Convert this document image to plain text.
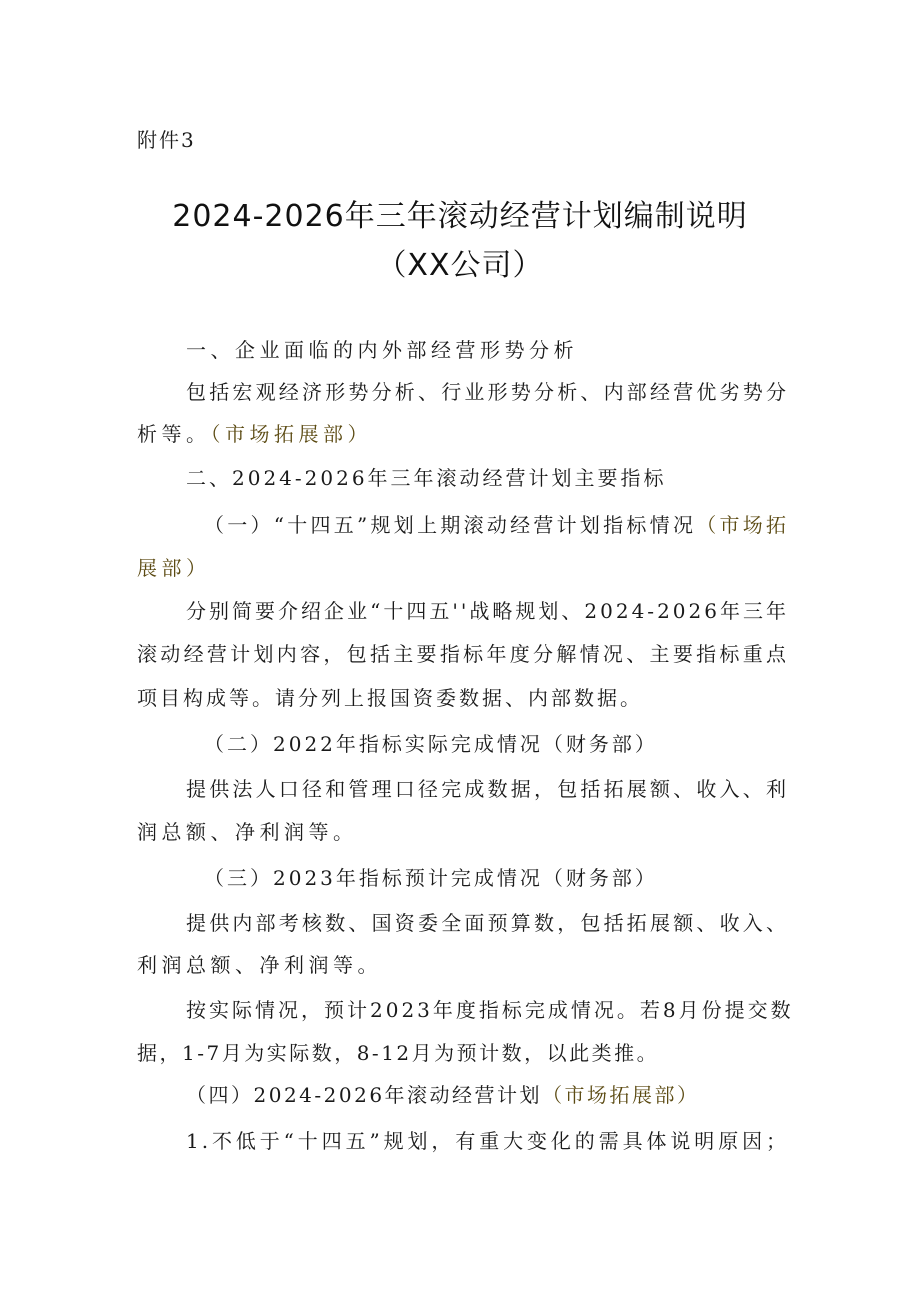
附件3
2024-2026年三年滚动经营计划编制说明
（XX公司）
一、企业面临的内外部经营形势分析
包括宏观经济形势分析、行业形势分析、内部经营优劣势分
析等。（市场拓展部）
二、2024-2026年三年滚动经营计划主要指标
（一）“十四五”规划上期滚动经营计划指标情况（市场拓
展部）
分别简要介绍企业“十四五''战略规划、2024-2026年三年
滚动经营计划内容，包括主要指标年度分解情况、主要指标重点
项目构成等。请分列上报国资委数据、内部数据。
（二）2022年指标实际完成情况（财务部）
提供法人口径和管理口径完成数据，包括拓展额、收入、利
润总额、净利润等。
（三）2023年指标预计完成情况（财务部）
提供内部考核数、国资委全面预算数，包括拓展额、收入、
利润总额、净利润等。
按实际情况，预计2023年度指标完成情况。若8月份提交数
据，1-7月为实际数，8-12月为预计数，以此类推。
（四）2024-2026年滚动经营计划（市场拓展部）
1.不低于“十四五”规划，有重大变化的需具体说明原因；
